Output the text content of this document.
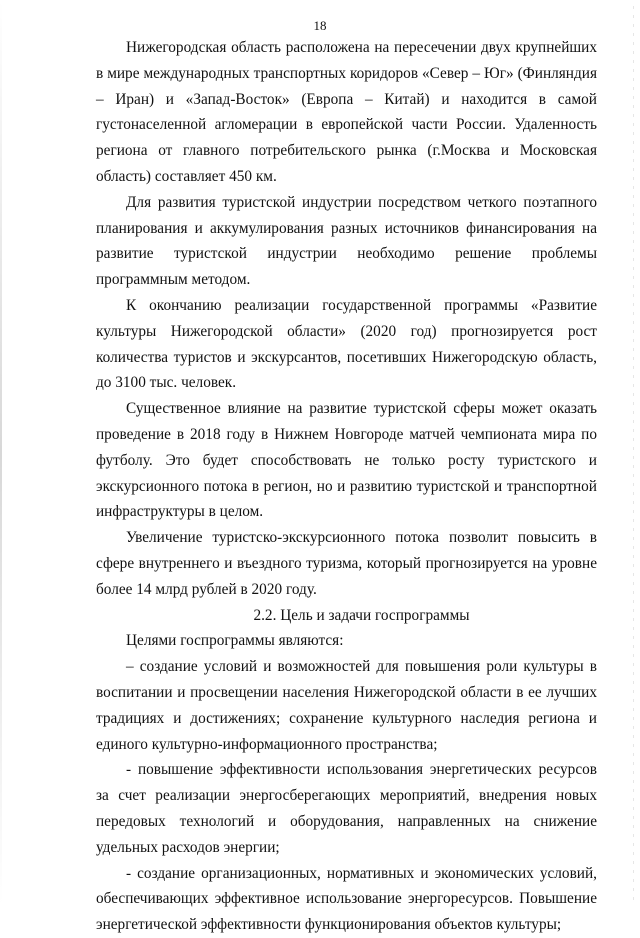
18

Нижегородская область расположена на пересечении двух крупнейших в мире международных транспортных коридоров «Север – Юг» (Финляндия – Иран) и «Запад-Восток» (Европа – Китай) и находится в самой густонаселенной агломерации в европейской части России. Удаленность региона от главного потребительского рынка (г.Москва и Московская область) составляет 450 км.

Для развития туристской индустрии посредством четкого поэтапного планирования и аккумулирования разных источников финансирования на развитие туристской индустрии необходимо решение проблемы программным методом.

К окончанию реализации государственной программы «Развитие культуры Нижегородской области» (2020 год) прогнозируется рост количества туристов и экскурсантов, посетивших Нижегородскую область, до 3100 тыс. человек.

Существенное влияние на развитие туристской сферы может оказать проведение в 2018 году в Нижнем Новгороде матчей чемпионата мира по футболу. Это будет способствовать не только росту туристского и экскурсионного потока в регион, но и развитию туристской и транспортной инфраструктуры в целом.

Увеличение туристско-экскурсионного потока позволит повысить в сфере внутреннего и въездного туризма, который прогнозируется на уровне более 14 млрд рублей в 2020 году.

2.2. Цель и задачи госпрограммы

Целями госпрограммы являются:

– создание условий и возможностей для повышения роли культуры в воспитании и просвещении населения Нижегородской области в ее лучших традициях и достижениях; сохранение культурного наследия региона и единого культурно-информационного пространства;

- повышение эффективности использования энергетических ресурсов за счет реализации энергосберегающих мероприятий, внедрения новых передовых технологий и оборудования, направленных на снижение удельных расходов энергии;

- создание организационных, нормативных и экономических условий, обеспечивающих эффективное использование энергоресурсов. Повышение энергетической эффективности функционирования объектов культуры;
